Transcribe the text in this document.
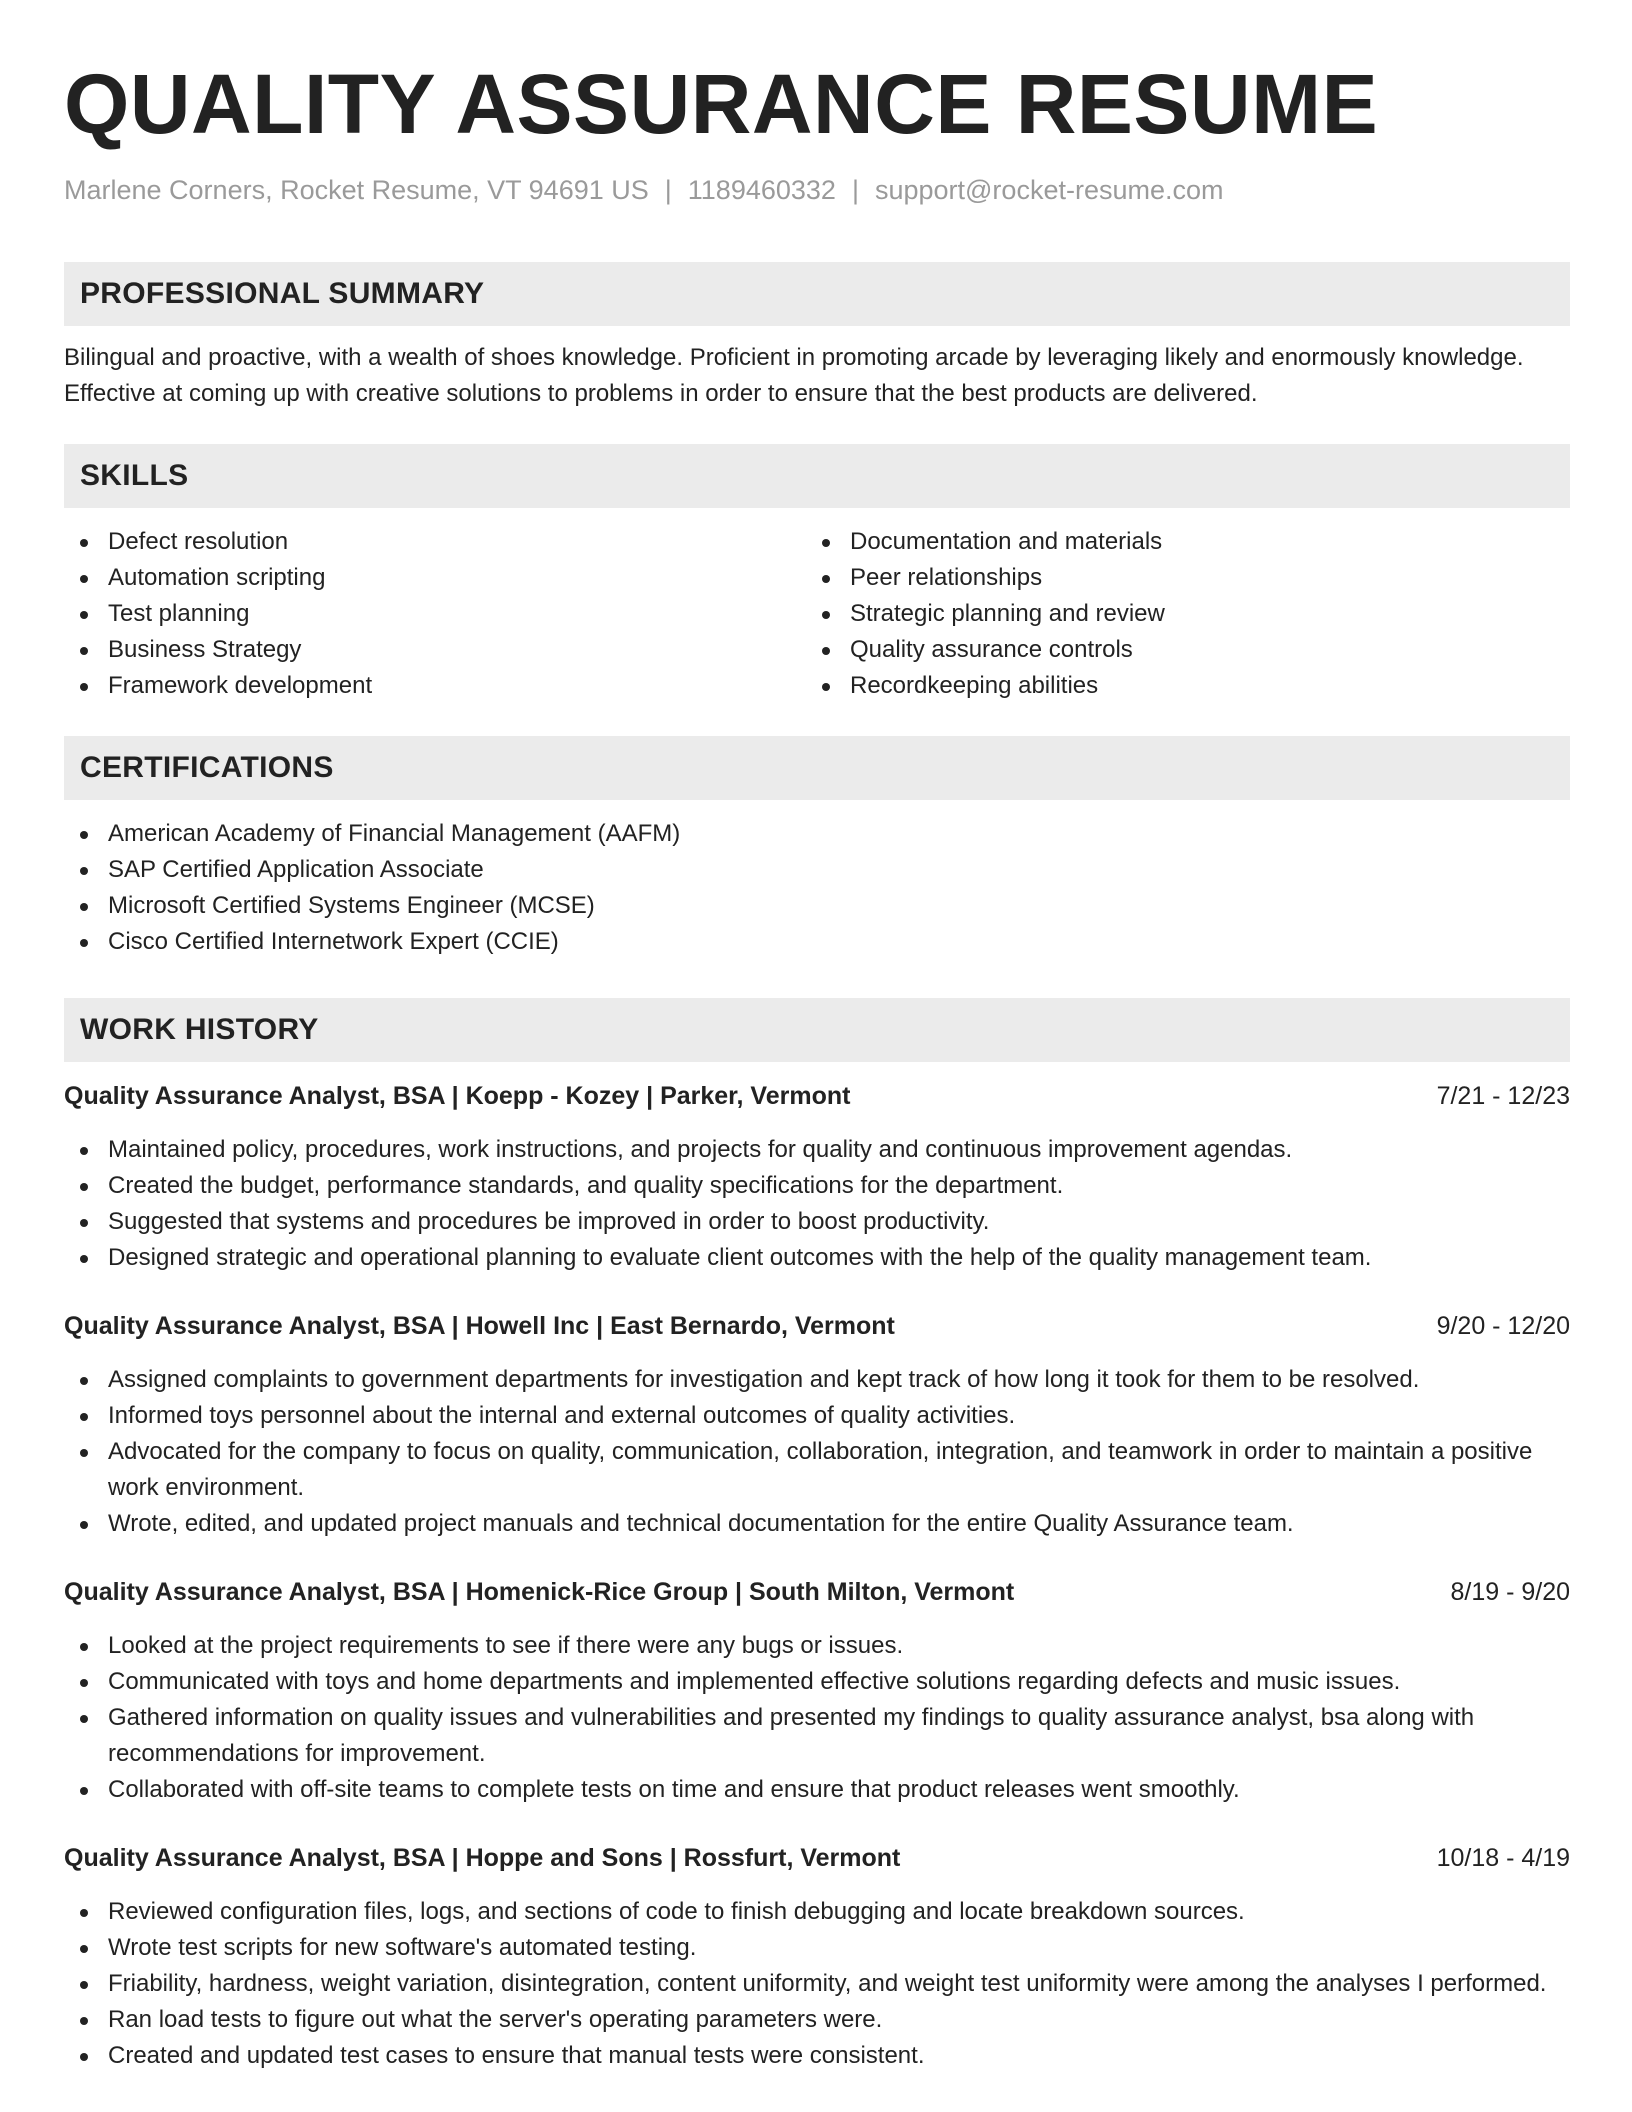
QUALITY ASSURANCE RESUME
Marlene Corners, Rocket Resume, VT 94691 US | 1189460332 | support@rocket-resume.com
PROFESSIONAL SUMMARY

Bilingual and proactive, with a wealth of shoes knowledge. Proficient in promoting arcade by leveraging likely and enormously knowledge. Effective at coming up with creative solutions to problems in order to ensure that the best products are delivered.

SKILLS
Defect resolution
Automation scripting
Test planning
Business Strategy
Framework development
Documentation and materials
Peer relationships
Strategic planning and review
Quality assurance controls
Recordkeeping abilities
CERTIFICATIONS
American Academy of Financial Management (AAFM)
SAP Certified Application Associate
Microsoft Certified Systems Engineer (MCSE)
Cisco Certified Internetwork Expert (CCIE)
WORK HISTORY
Quality Assurance Analyst, BSA | Koepp - Kozey | Parker, Vermont	7/21 - 12/23
Maintained policy, procedures, work instructions, and projects for quality and continuous improvement agendas.
Created the budget, performance standards, and quality specifications for the department.
Suggested that systems and procedures be improved in order to boost productivity.
Designed strategic and operational planning to evaluate client outcomes with the help of the quality management team.
Quality Assurance Analyst, BSA | Howell Inc | East Bernardo, Vermont	9/20 - 12/20
Assigned complaints to government departments for investigation and kept track of how long it took for them to be resolved.
Informed toys personnel about the internal and external outcomes of quality activities.
Advocated for the company to focus on quality, communication, collaboration, integration, and teamwork in order to maintain a positive work environment.
Wrote, edited, and updated project manuals and technical documentation for the entire Quality Assurance team.
Quality Assurance Analyst, BSA | Homenick-Rice Group | South Milton, Vermont	8/19 - 9/20
Looked at the project requirements to see if there were any bugs or issues.
Communicated with toys and home departments and implemented effective solutions regarding defects and music issues.
Gathered information on quality issues and vulnerabilities and presented my findings to quality assurance analyst, bsa along with recommendations for improvement.
Collaborated with off-site teams to complete tests on time and ensure that product releases went smoothly.
Quality Assurance Analyst, BSA | Hoppe and Sons | Rossfurt, Vermont	10/18 - 4/19
Reviewed configuration files, logs, and sections of code to finish debugging and locate breakdown sources.
Wrote test scripts for new software's automated testing.
Friability, hardness, weight variation, disintegration, content uniformity, and weight test uniformity were among the analyses I performed.
Ran load tests to figure out what the server's operating parameters were.
Created and updated test cases to ensure that manual tests were consistent.
